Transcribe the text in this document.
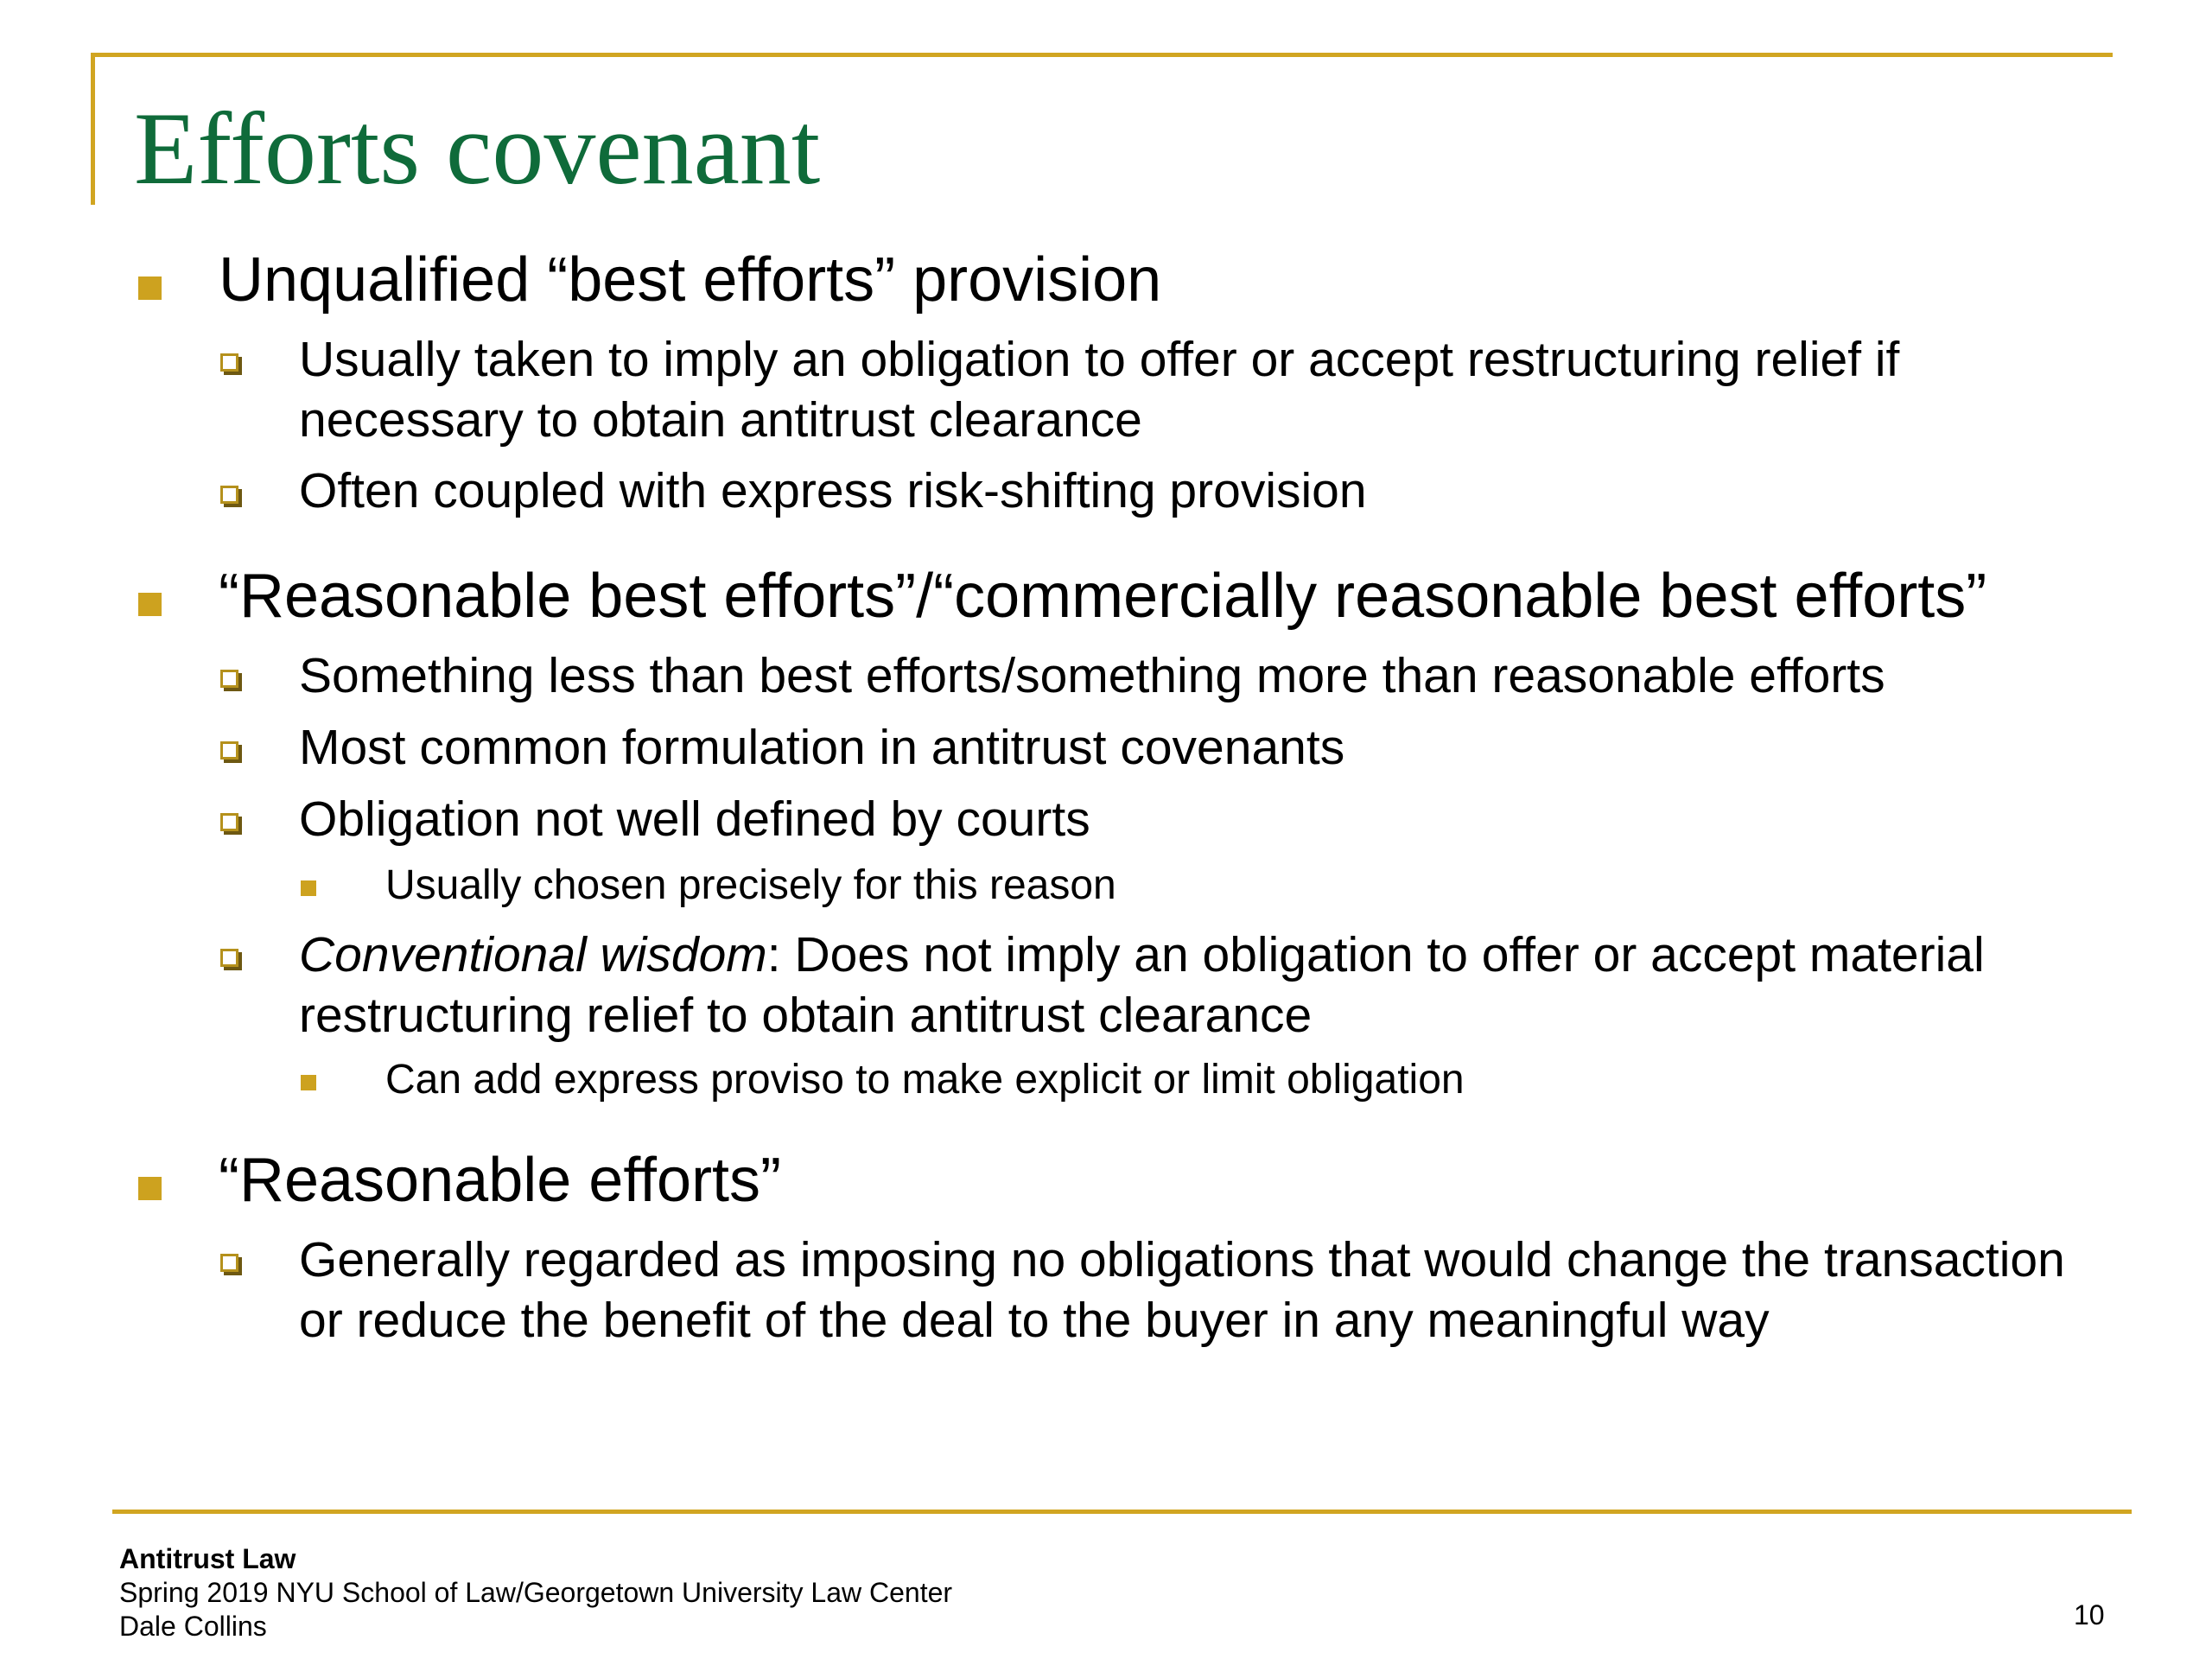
Efforts covenant
Unqualified “best efforts” provision
Usually taken to imply an obligation to offer or accept restructuring relief if
necessary to obtain antitrust clearance
Often coupled with express risk-shifting provision
“Reasonable best efforts”/“commercially reasonable best efforts”
Something less than best efforts/something more than reasonable efforts
Most common formulation in antitrust covenants
Obligation not well defined by courts
Usually chosen precisely for this reason
Conventional wisdom: Does not imply an obligation to offer or accept material
restructuring relief to obtain antitrust clearance
Can add express proviso to make explicit or limit obligation
“Reasonable efforts”
Generally regarded as imposing no obligations that would change the transaction
or reduce the benefit of the deal to the buyer in any meaningful way
Antitrust Law
Spring 2019 NYU School of Law/Georgetown University Law Center
Dale Collins	10
